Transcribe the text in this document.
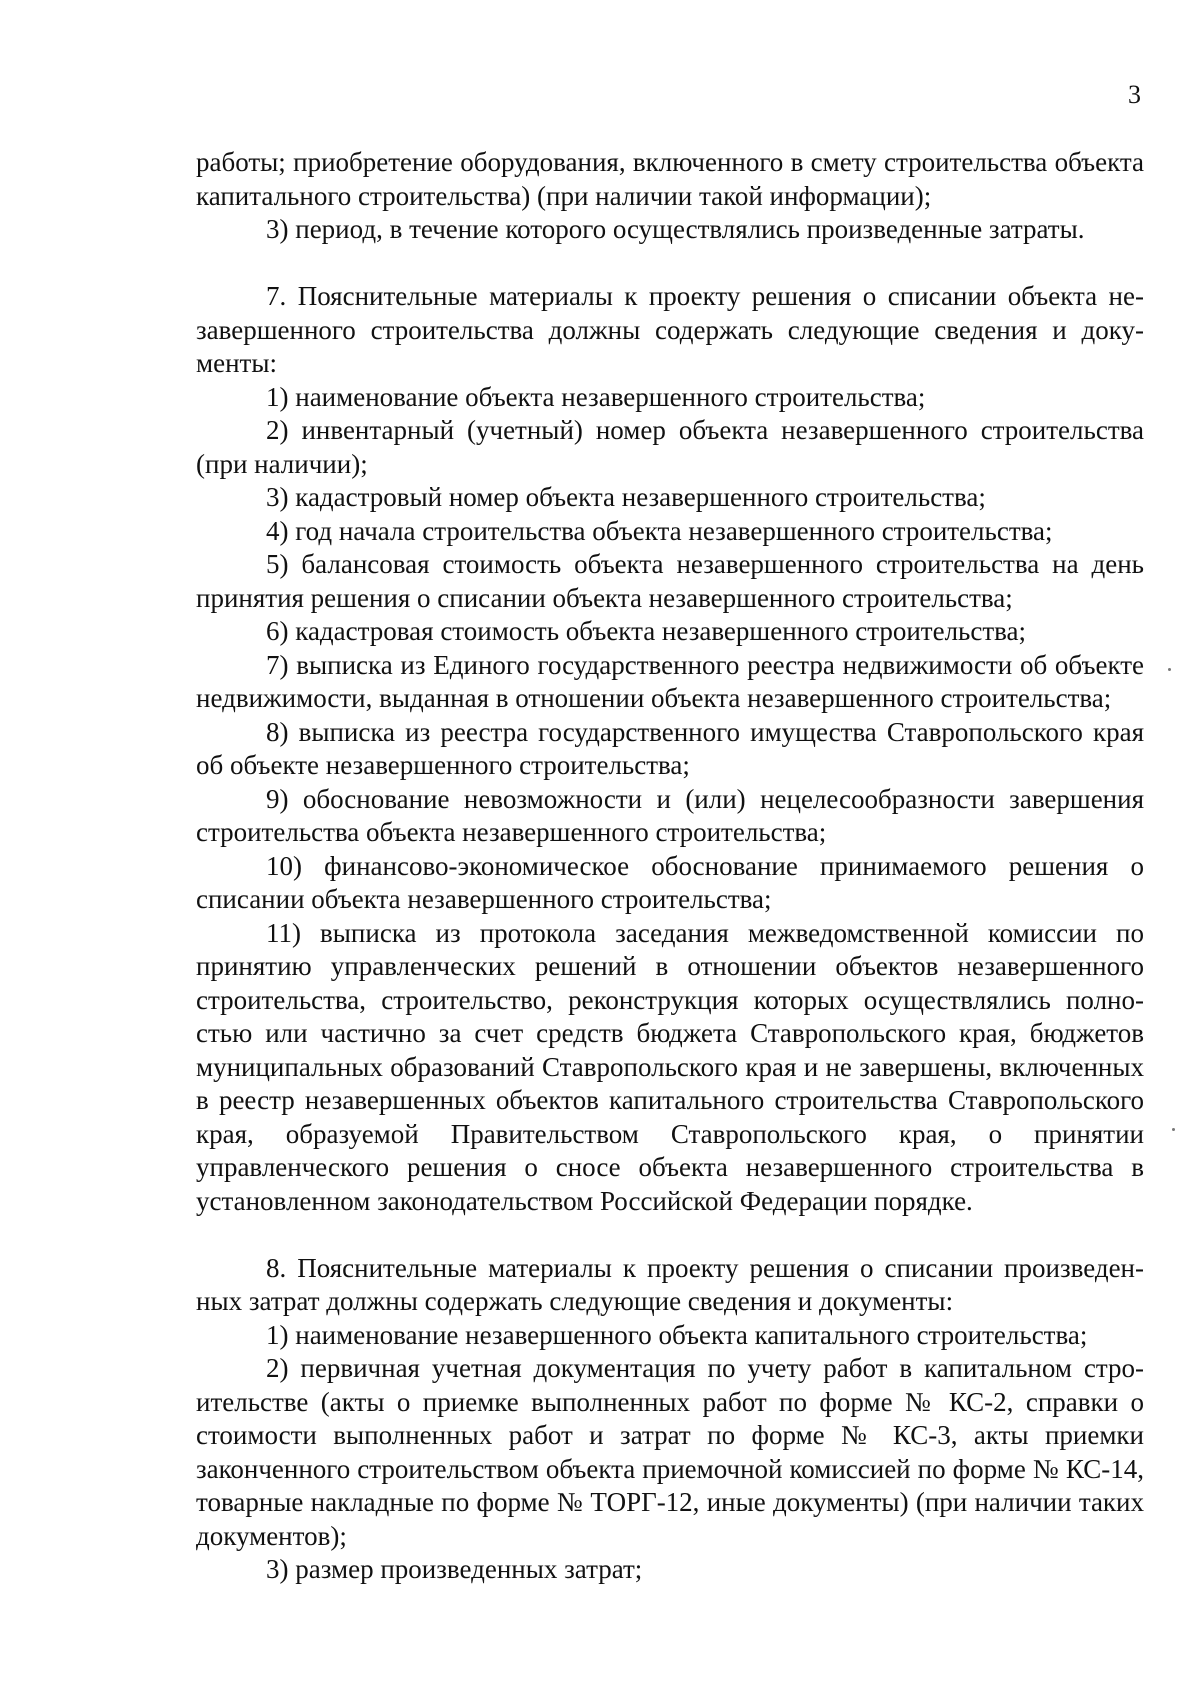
3

работы; приобретение оборудования, включенного в смету строительства объекта капитального строительства) (при наличии такой информации);

3) период, в течение которого осуществлялись произведенные затраты.

7. Пояснительные материалы к проекту решения о списании объекта незавершенного строительства должны содержать следующие сведения и документы:

1) наименование объекта незавершенного строительства;

2) инвентарный (учетный) номер объекта незавершенного строительства (при наличии);

3) кадастровый номер объекта незавершенного строительства;

4) год начала строительства объекта незавершенного строительства;

5) балансовая стоимость объекта незавершенного строительства на день принятия решения о списании объекта незавершенного строительства;

6) кадастровая стоимость объекта незавершенного строительства;

7) выписка из Единого государственного реестра недвижимости об объекте недвижимости, выданная в отношении объекта незавершенного строительства;

8) выписка из реестра государственного имущества Ставропольского края об объекте незавершенного строительства;

9) обоснование невозможности и (или) нецелесообразности завершения строительства объекта незавершенного строительства;

10) финансово-экономическое обоснование принимаемого решения о списании объекта незавершенного строительства;

11) выписка из протокола заседания межведомственной комиссии по принятию управленческих решений в отношении объектов незавершенного строительства, строительство, реконструкция которых осуществлялись полностью или частично за счет средств бюджета Ставропольского края, бюджетов муниципальных образований Ставропольского края и не завершены, включенных в реестр незавершенных объектов капитального строительства Ставропольского края, образуемой Правительством Ставропольского края, о принятии управленческого решения о сносе объекта незавершенного строительства в установленном законодательством Российской Федерации порядке.

8. Пояснительные материалы к проекту решения о списании произведенных затрат должны содержать следующие сведения и документы:

1) наименование незавершенного объекта капитального строительства;

2) первичная учетная документация по учету работ в капитальном строительстве (акты о приемке выполненных работ по форме № КС-2, справки о стоимости выполненных работ и затрат по форме № КС-3, акты приемки законченного строительством объекта приемочной комиссией по форме № КС-14, товарные накладные по форме № ТОРГ-12, иные документы) (при наличии таких документов);

3) размер произведенных затрат;
